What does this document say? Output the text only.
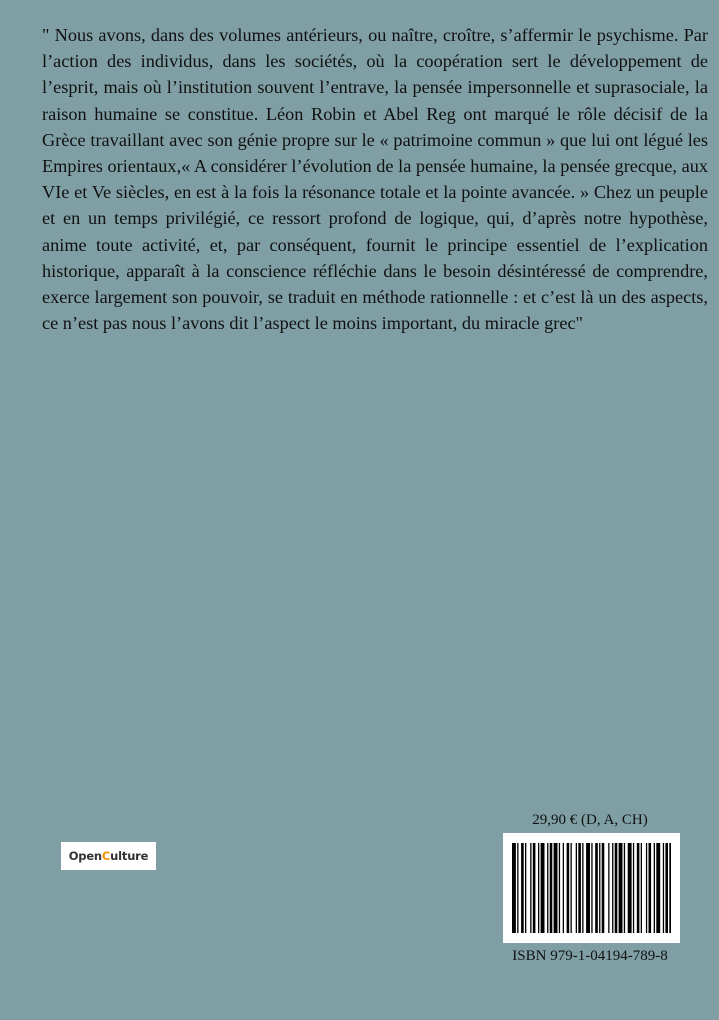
" Nous avons, dans des volumes antérieurs, ou naître, croître, s’affermir le psychisme. Par l’action des individus, dans les sociétés, où la coopération sert le développement de l’esprit, mais où l’institution souvent l’entrave, la pensée impersonnelle et suprasociale, la raison humaine se constitue. Léon Robin et Abel Reg ont marqué le rôle décisif de la Grèce travaillant avec son génie propre sur le « patrimoine commun » que lui ont légué les Empires orientaux,« A considérer l’évolution de la pensée humaine, la pensée grecque, aux VIe et Ve siècles, en est à la fois la résonance totale et la pointe avancée. » Chez un peuple et en un temps privilégié, ce ressort profond de logique, qui, d’après notre hypothèse, anime toute activité, et, par conséquent, fournit le principe essentiel de l’explication historique, apparaît à la conscience réfléchie dans le besoin désintéressé de comprendre, exerce largement son pouvoir, se traduit en méthode rationnelle : et c’est là un des aspects, ce n’est pas nous l’avons dit l’aspect le moins important, du miracle grec"

OpenCulture
29,90 € (D, A, CH)
ISBN 979-1-04194-789-8
